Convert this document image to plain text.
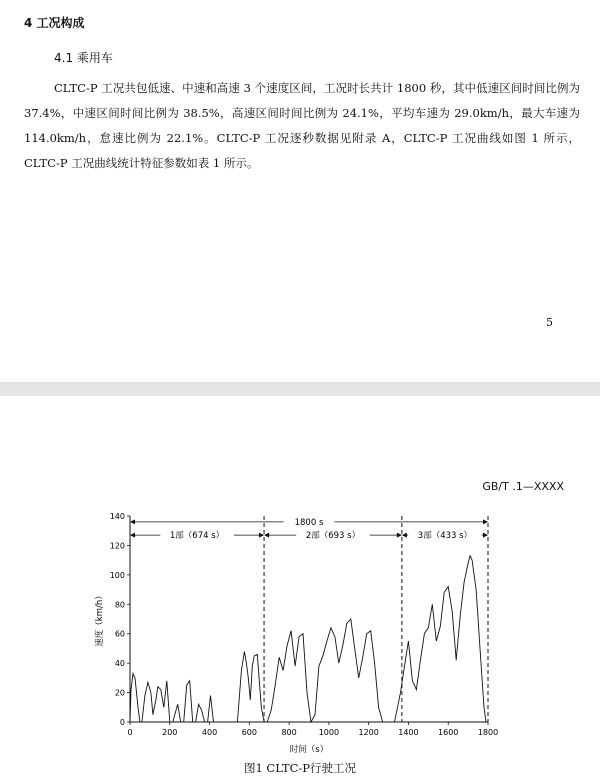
4 工况构成
4.1 乘用车
CLTC-P 工况共包低速、中速和高速 3 个速度区间，工况时长共计 1800 秒，其中低速区间时间比例为 37.4%，中速区间时间比例为 38.5%，高速区间时间比例为 24.1%，平均车速为 29.0km/h，最大车速为 114.0km/h，怠速比例为 22.1%。CLTC-P 工况逐秒数据见附录 A，CLTC-P 工况曲线如图 1 所示，CLTC-P 工况曲线统计特征参数如表 1 所示。
5
GB/T .1—XXXX
0	200	400	600	800	1000 1200 1400 1600 1800
0
20
40
60
80
100
120
140
1800 s
1部（674 s）	2部（693 s）	3部（433 s）
速度（km/h）
时间（s）
图1 CLTC-P行驶工况
